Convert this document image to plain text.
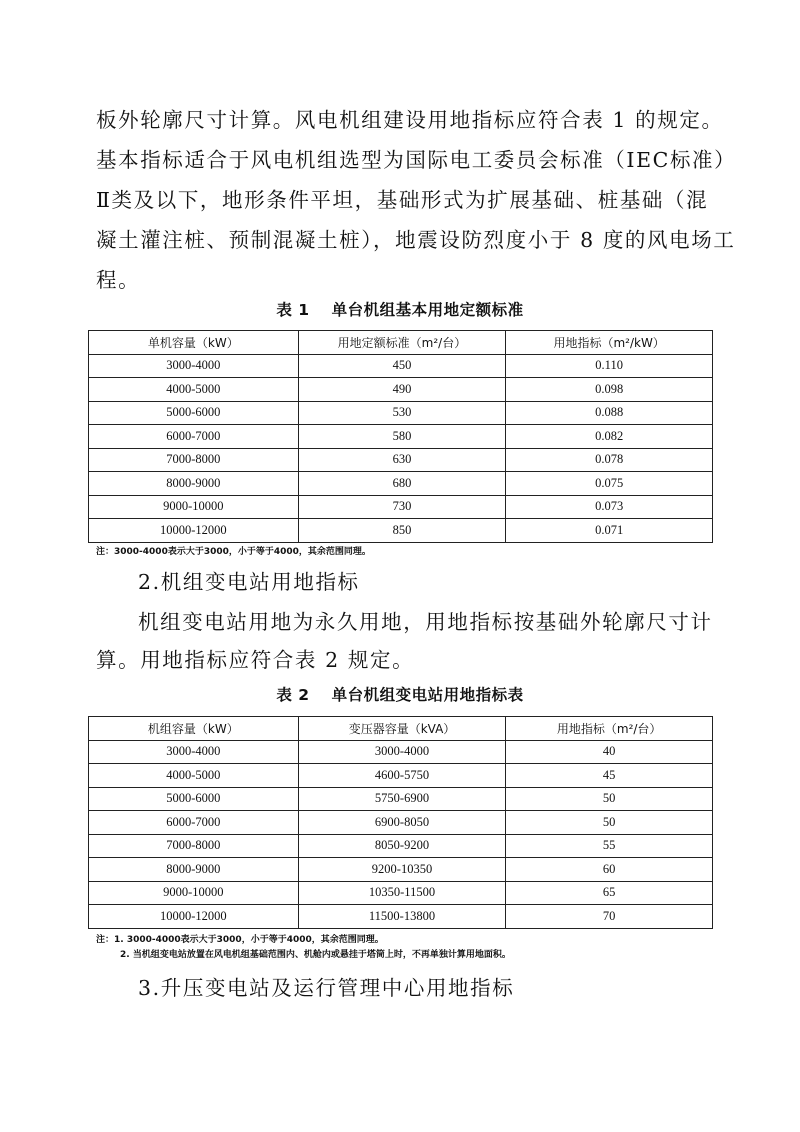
板外轮廓尺寸计算。风电机组建设用地指标应符合表 1 的规定。
基本指标适合于风电机组选型为国际电工委员会标准（IEC标准）
Ⅱ类及以下，地形条件平坦，基础形式为扩展基础、桩基础（混
凝土灌注桩、预制混凝土桩），地震设防烈度小于 8 度的风电场工
程。
表 1 单台机组基本用地定额标准
单机容量（kW）	用地定额标准（m²/台）	用地指标（m²/kW）
3000-4000	450	0.110
4000-5000	490	0.098
5000-6000	530	0.088
6000-7000	580	0.082
7000-8000	630	0.078
8000-9000	680	0.075
9000-10000	730	0.073
10000-12000	850	0.071
注：3000-4000表示大于3000，小于等于4000，其余范围同理。
2.机组变电站用地指标
机组变电站用地为永久用地，用地指标按基础外轮廓尺寸计
算。用地指标应符合表 2 规定。
表 2 单台机组变电站用地指标表
机组容量（kW）	变压器容量（kVA）	用地指标（m²/台）
3000-4000	3000-4000	40
4000-5000	4600-5750	45
5000-6000	5750-6900	50
6000-7000	6900-8050	50
7000-8000	8050-9200	55
8000-9000	9200-10350	60
9000-10000	10350-11500	65
10000-12000	11500-13800	70
注：1. 3000-4000表示大于3000，小于等于4000，其余范围同理。
2. 当机组变电站放置在风电机组基础范围内、机舱内或悬挂于塔筒上时，不再单独计算用地面积。
3.升压变电站及运行管理中心用地指标
